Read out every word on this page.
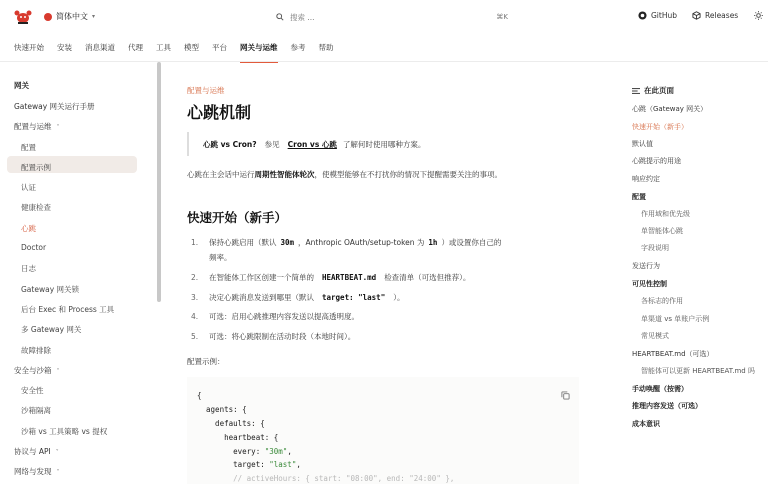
简体中文 ▾	搜索 ...	⌘K	GitHub	Releases
快速开始 安装 消息渠道 代理 工具 模型 平台 网关与运维 参考 帮助
网关
Gateway 网关运行手册
配置与运维 ˄
配置
配置示例
认证
健康检查
心跳
Doctor
日志
Gateway 网关锁
后台 Exec 和 Process 工具
多 Gateway 网关
故障排除
安全与沙箱 ˄
安全性
沙箱隔离
沙箱 vs 工具策略 vs 提权
协议与 API ˅
网络与发现 ˅
配置与运维
心跳机制
心跳 vs Cron? 参见 Cron vs 心跳 了解何时使用哪种方案。
心跳在主会话中运行周期性智能体轮次，使模型能够在不打扰你的情况下提醒需要关注的事项。
快速开始（新手）
1. 保持心跳启用（默认 30m ，Anthropic OAuth/setup-token 为 1h ）或设置你自己的
频率。
2. 在智能体工作区创建一个简单的 HEARTBEAT.md 检查清单（可选但推荐）。
3. 决定心跳消息发送到哪里（默认 target: "last" ）。
4. 可选：启用心跳推理内容发送以提高透明度。
5. 可选：将心跳限制在活动时段（本地时间）。
配置示例：
{
agents: {
defaults: {
heartbeat: {
every: "30m",
target: "last",
// activeHours: { start: "08:00", end: "24:00" },
在此页面
心跳（Gateway 网关）
快速开始（新手）
默认值
心跳提示的用途
响应约定
配置
作用域和优先级
单智能体心跳
字段说明
发送行为
可见性控制
各标志的作用
单渠道 vs 单账户示例
常见模式
HEARTBEAT.md（可选）
智能体可以更新 HEARTBEAT.md 吗
手动唤醒（按需）
推理内容发送（可选）
成本意识
